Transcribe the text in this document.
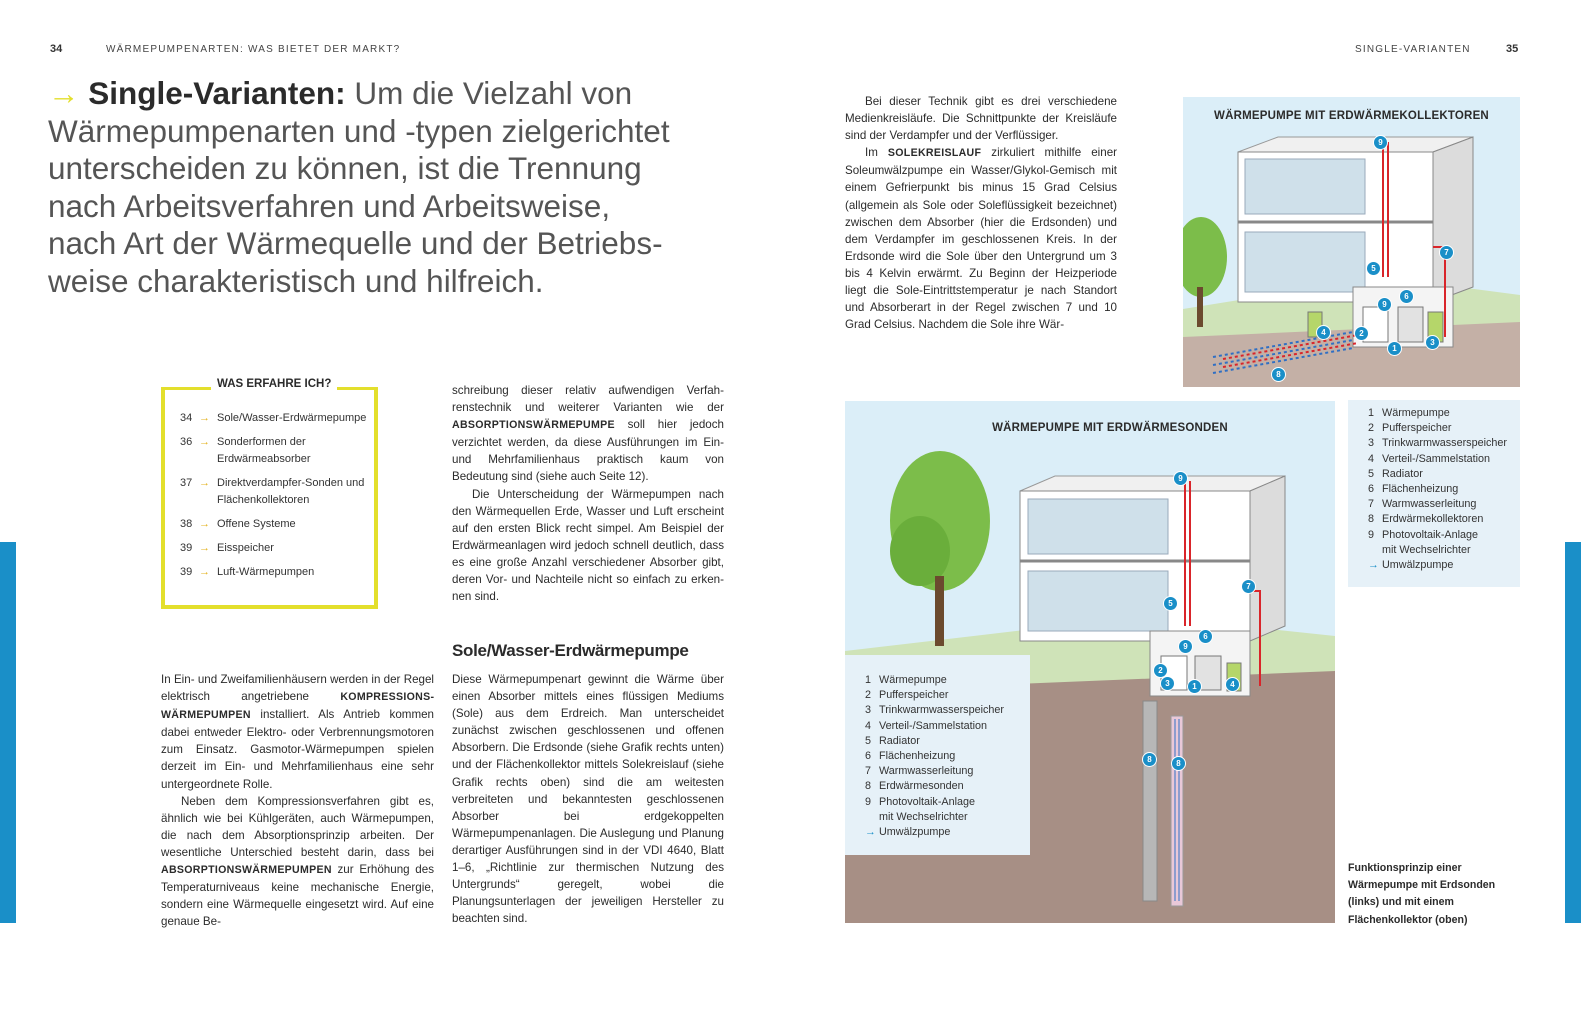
34	WÄRMEPUMPENARTEN: WAS BIETET DER MARKT?	SINGLE-VARIANTEN	35
→ Single-Varianten: Um die Vielzahl von
Wärmepumpenarten und -typen zielgerichtet
unterscheiden zu können, ist die Trennung
nach Arbeitsverfahren und Arbeitsweise,
nach Art der Wärmequelle und der Betriebs-
weise charakteristisch und hilfreich.
WAS ERFAHRE ICH?
34 → Sole/Wasser-Erdwärmepumpe
36 → Sonderformen der
Erdwärmeabsorber
37 → Direktverdampfer-Sonden und
Flächenkollektoren
38 → Offene Systeme
39 → Eisspeicher
39 → Luft-Wärmepumpen

In Ein- und Zweifamilienhäusern werden in der Regel elektrisch angetriebene KOMPRESSIONSWÄRMEPUMPEN installiert. Als Antrieb kommen dabei entweder Elektro- oder Verbrennungsmotoren zum Einsatz. Gasmotor-Wärmepumpen spielen derzeit im Ein- und Mehrfamilienhaus eine sehr untergeordnete Rolle.

Neben dem Kompressionsverfahren gibt es, ähnlich wie bei Kühlgeräten, auch Wärmepumpen, die nach dem Absorptionsprinzip arbeiten. Der wesentliche Unterschied besteht darin, dass bei ABSORPTIONSWÄRMEPUMPEN zur Erhöhung des Temperaturniveaus keine mechanische Energie, sondern eine Wärmequelle eingesetzt wird. Auf eine genaue Be-

schreibung dieser relativ aufwendigen Verfahrenstechnik und weiterer Varianten wie der ABSORPTIONSWÄRMEPUMPE soll hier jedoch verzichtet werden, da diese Ausführungen im Ein- und Mehrfamilienhaus praktisch kaum von Bedeutung sind (siehe auch Seite 12).

Die Unterscheidung der Wärmepumpen nach den Wärmequellen Erde, Wasser und Luft erscheint auf den ersten Blick recht simpel. Am Beispiel der Erdwärmeanlagen wird jedoch schnell deutlich, dass es eine große Anzahl verschiedener Absorber gibt, deren Vor- und Nachteile nicht so einfach zu erkennen sind.

Sole/Wasser-Erdwärmepumpe

Diese Wärmepumpenart gewinnt die Wärme über einen Absorber mittels eines flüssigen Mediums (Sole) aus dem Erdreich. Man unterscheidet zunächst zwischen geschlossenen und offenen Absorbern. Die Erdsonde (siehe Grafik rechts unten) und der Flächenkollektor mittels Solekreislauf (siehe Grafik rechts oben) sind die am weitesten verbreiteten und bekanntesten geschlossenen Absorber bei erdgekoppelten Wärmepumpenanlagen. Die Auslegung und Planung derartiger Ausführungen sind in der VDI 4640, Blatt 1–6, „Richtlinie zur thermischen Nutzung des Untergrunds“ geregelt, wobei die Planungsunterlagen der jeweiligen Hersteller zu beachten sind.

Bei dieser Technik gibt es drei verschiedene Medienkreisläufe. Die Schnittpunkte der Kreisläufe sind der Verdampfer und der Verflüssiger.

Im SOLEKREISLAUF zirkuliert mithilfe einer Soleumwälzpumpe ein Wasser/Glykol-Gemisch mit einem Gefrierpunkt bis minus 15 Grad Celsius (allgemein als Sole oder Soleflüssigkeit bezeichnet) zwischen dem Absorber (hier die Erdsonden) und dem Verdampfer im geschlossenen Kreis. In der Erdsonde wird die Sole über den Untergrund um 3 bis 4 Kelvin erwärmt. Zu Beginn der Heizperiode liegt die Sole-Eintrittstemperatur je nach Standort und Absorberart in der Regel zwischen 7 und 10 Grad Celsius. Nachdem die Sole ihre Wär-

WÄRMEPUMPE MIT ERDWÄRMEKOLLEKTOREN
9
7
5
6
9
4	2
1
3
8
1 Wärmepumpe
2 Pufferspeicher
3 Trinkwarmwasserspeicher
4 Verteil-/Sammelstation
5 Radiator
6 Flächenheizung
7 Warmwasserleitung
8 Erdwärmekollektoren
9 Photovoltaik-Anlage
mit Wechselrichter
→ Umwälzpumpe
WÄRMEPUMPE MIT ERDWÄRMESONDEN
9
7
5
6
9
2
4
1
3
8	8
1 Wärmepumpe
2 Pufferspeicher
3 Trinkwarmwasserspeicher
4 Verteil-/Sammelstation
5 Radiator
6 Flächenheizung
7 Warmwasserleitung
8 Erdwärmesonden
9 Photovoltaik-Anlage
mit Wechselrichter
→ Umwälzpumpe
Funktionsprinzip einer
Wärmepumpe mit Erdsonden
(links) und mit einem
Flächenkollektor (oben)
